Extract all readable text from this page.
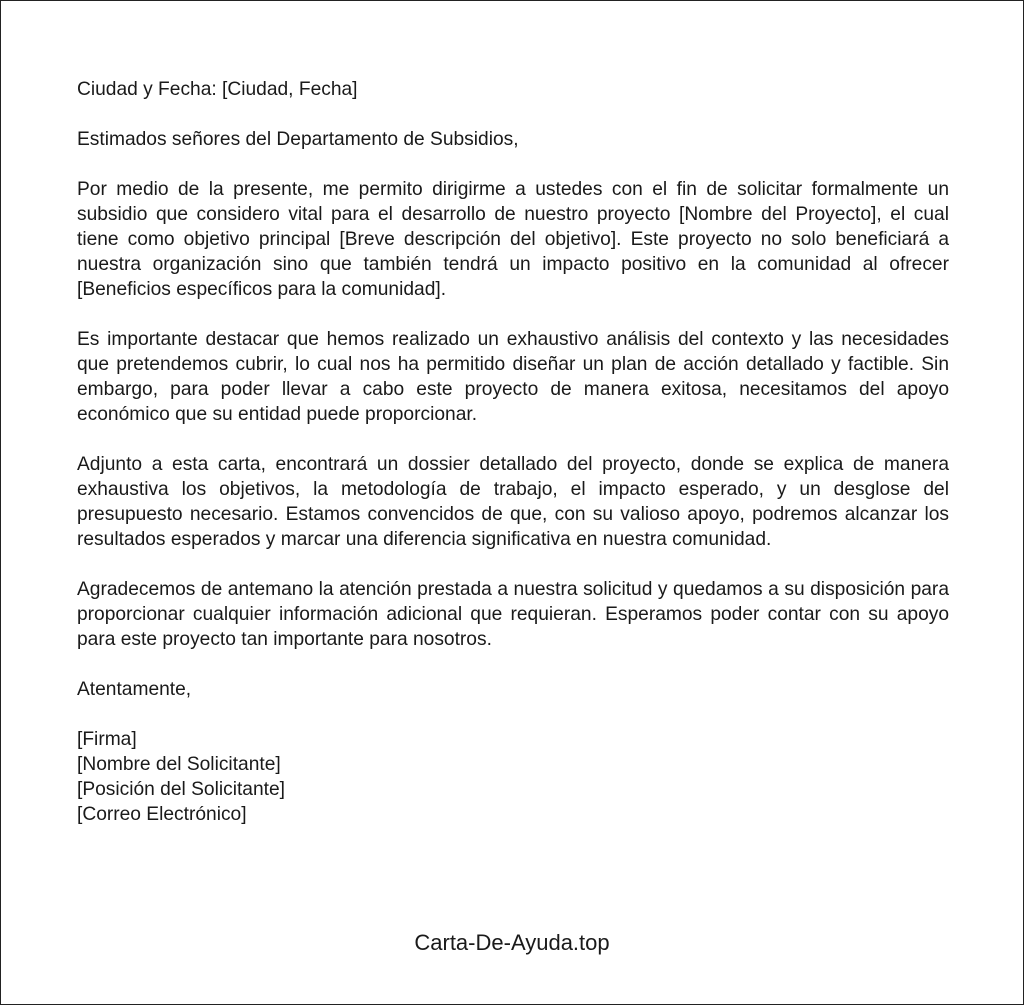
Ciudad y Fecha: [Ciudad, Fecha]

Estimados señores del Departamento de Subsidios,

Por medio de la presente, me permito dirigirme a ustedes con el fin de solicitar formalmente un subsidio que considero vital para el desarrollo de nuestro proyecto [Nombre del Proyecto], el cual tiene como objetivo principal [Breve descripción del objetivo]. Este proyecto no solo beneficiará a nuestra organización sino que también tendrá un impacto positivo en la comunidad al ofrecer [Beneficios específicos para la comunidad].

Es importante destacar que hemos realizado un exhaustivo análisis del contexto y las necesidades que pretendemos cubrir, lo cual nos ha permitido diseñar un plan de acción detallado y factible. Sin embargo, para poder llevar a cabo este proyecto de manera exitosa, necesitamos del apoyo económico que su entidad puede proporcionar.

Adjunto a esta carta, encontrará un dossier detallado del proyecto, donde se explica de manera exhaustiva los objetivos, la metodología de trabajo, el impacto esperado, y un desglose del presupuesto necesario. Estamos convencidos de que, con su valioso apoyo, podremos alcanzar los resultados esperados y marcar una diferencia significativa en nuestra comunidad.

Agradecemos de antemano la atención prestada a nuestra solicitud y quedamos a su disposición para proporcionar cualquier información adicional que requieran. Esperamos poder contar con su apoyo para este proyecto tan importante para nosotros.

Atentamente,

[Firma]
[Nombre del Solicitante]
[Posición del Solicitante]
[Correo Electrónico]
Carta-De-Ayuda.top
